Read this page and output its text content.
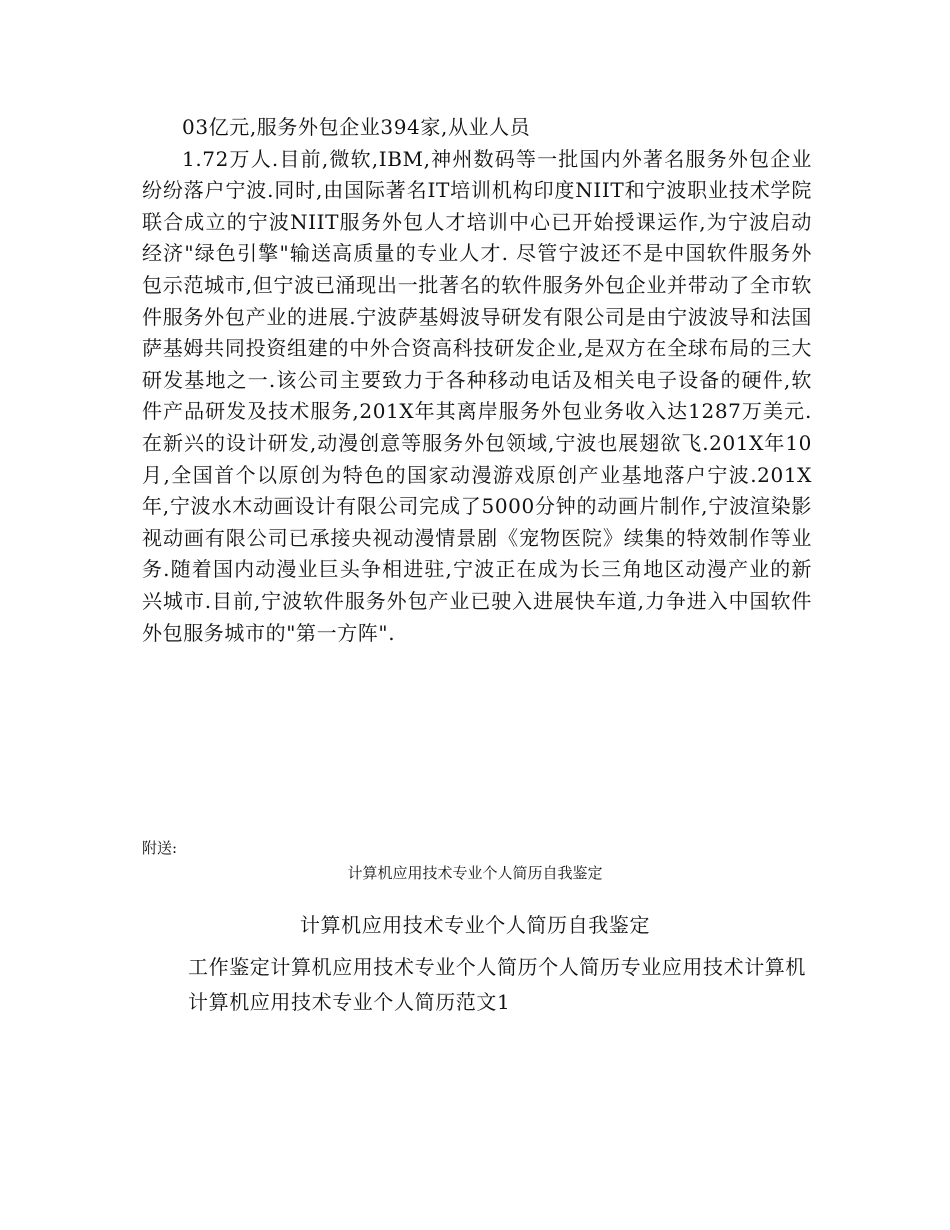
03亿元,服务外包企业394家,从业人员

1.72万人.目前,微软,IBM,神州数码等一批国内外著名服务外包企业纷纷落户宁波.同时,由国际著名IT培训机构印度NIIT和宁波职业技术学院联合成立的宁波NIIT服务外包人才培训中心已开始授课运作,为宁波启动经济"绿色引擎"输送高质量的专业人才. 尽管宁波还不是中国软件服务外包示范城市,但宁波已涌现出一批著名的软件服务外包企业并带动了全市软件服务外包产业的进展.宁波萨基姆波导研发有限公司是由宁波波导和法国萨基姆共同投资组建的中外合资高科技研发企业,是双方在全球布局的三大研发基地之一.该公司主要致力于各种移动电话及相关电子设备的硬件,软件产品研发及技术服务,201X年其离岸服务外包业务收入达1287万美元.在新兴的设计研发,动漫创意等服务外包领域,宁波也展翅欲飞.201X年10月,全国首个以原创为特色的国家动漫游戏原创产业基地落户宁波.201X年,宁波水木动画设计有限公司完成了5000分钟的动画片制作,宁波渲染影视动画有限公司已承接央视动漫情景剧《宠物医院》续集的特效制作等业务.随着国内动漫业巨头争相进驻,宁波正在成为长三角地区动漫产业的新兴城市.目前,宁波软件服务外包产业已驶入进展快车道,力争进入中国软件外包服务城市的"第一方阵".

附送:
计算机应用技术专业个人简历自我鉴定
计算机应用技术专业个人简历自我鉴定

工作鉴定计算机应用技术专业个人简历个人简历专业应用技术计算机

计算机应用技术专业个人简历范文1
